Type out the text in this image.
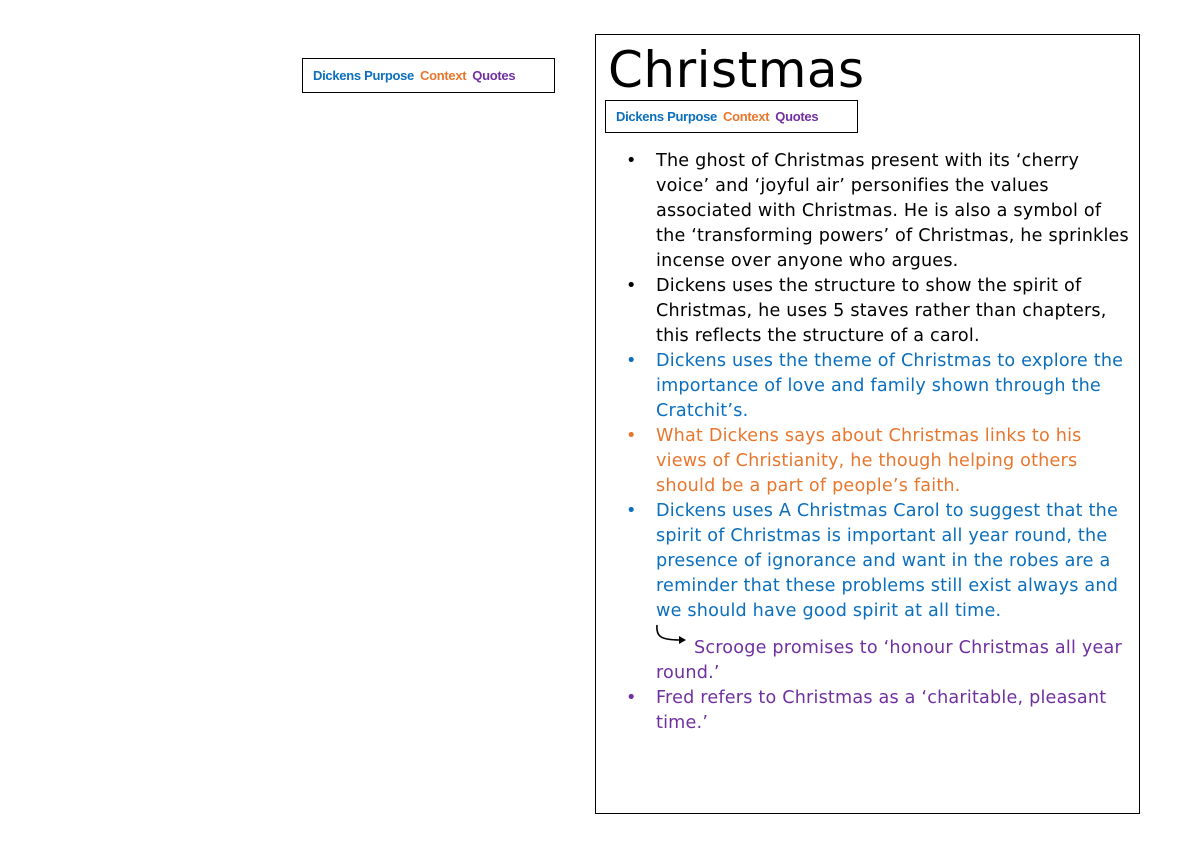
Dickens Purpose Context Quotes Christmas
Dickens Purpose Context Quotes
• The ghost of Christmas present with its ‘cherry voice’ and ‘joyful air’ personifies the values associated with Christmas. He is also a symbol of the ‘transforming powers’ of Christmas, he sprinkles incense over anyone who argues.
• Dickens uses the structure to show the spirit of Christmas, he uses 5 staves rather than chapters, this reflects the structure of a carol.
• Dickens uses the theme of Christmas to explore the importance of love and family shown through the Cratchit’s.
• What Dickens says about Christmas links to his views of Christianity, he though helping others should be a part of people’s faith.
• Dickens uses A Christmas Carol to suggest that the spirit of Christmas is important all year round, the presence of ignorance and want in the robes are a reminder that these problems still exist always and we should have good spirit at all time.
Scrooge promises to ‘honour Christmas all year round.’
• Fred refers to Christmas as a ‘charitable, pleasant time.’
